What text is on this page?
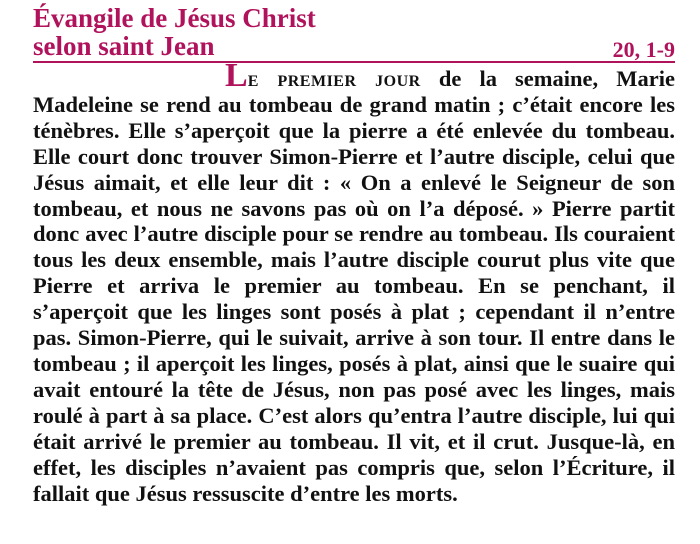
Évangile de Jésus Christ
selon saint Jean	20, 1-9
Le premier jour de la semaine, Marie Madeleine se rend au tombeau de grand matin ; c’était encore les ténèbres. Elle s’aperçoit que la pierre a été enlevée du tombeau. Elle court donc trouver Simon-Pierre et l’autre disciple, celui que Jésus aimait, et elle leur dit : « On a enlevé le Seigneur de son tombeau, et nous ne savons pas où on l’a déposé. » Pierre partit donc avec l’autre disciple pour se rendre au tombeau. Ils couraient tous les deux ensemble, mais l’autre disciple courut plus vite que Pierre et arriva le premier au tombeau. En se penchant, il s’aperçoit que les linges sont posés à plat ; cependant il n’entre pas. Simon-Pierre, qui le suivait, arrive à son tour. Il entre dans le tombeau ; il aperçoit les linges, posés à plat, ainsi que le suaire qui avait entouré la tête de Jésus, non pas posé avec les linges, mais roulé à part à sa place. C’est alors qu’entra l’autre disciple, lui qui était arrivé le premier au tombeau. Il vit, et il crut. Jusque-là, en effet, les disciples n’avaient pas compris que, selon l’Écriture, il fallait que Jésus ressuscite d’entre les morts.
